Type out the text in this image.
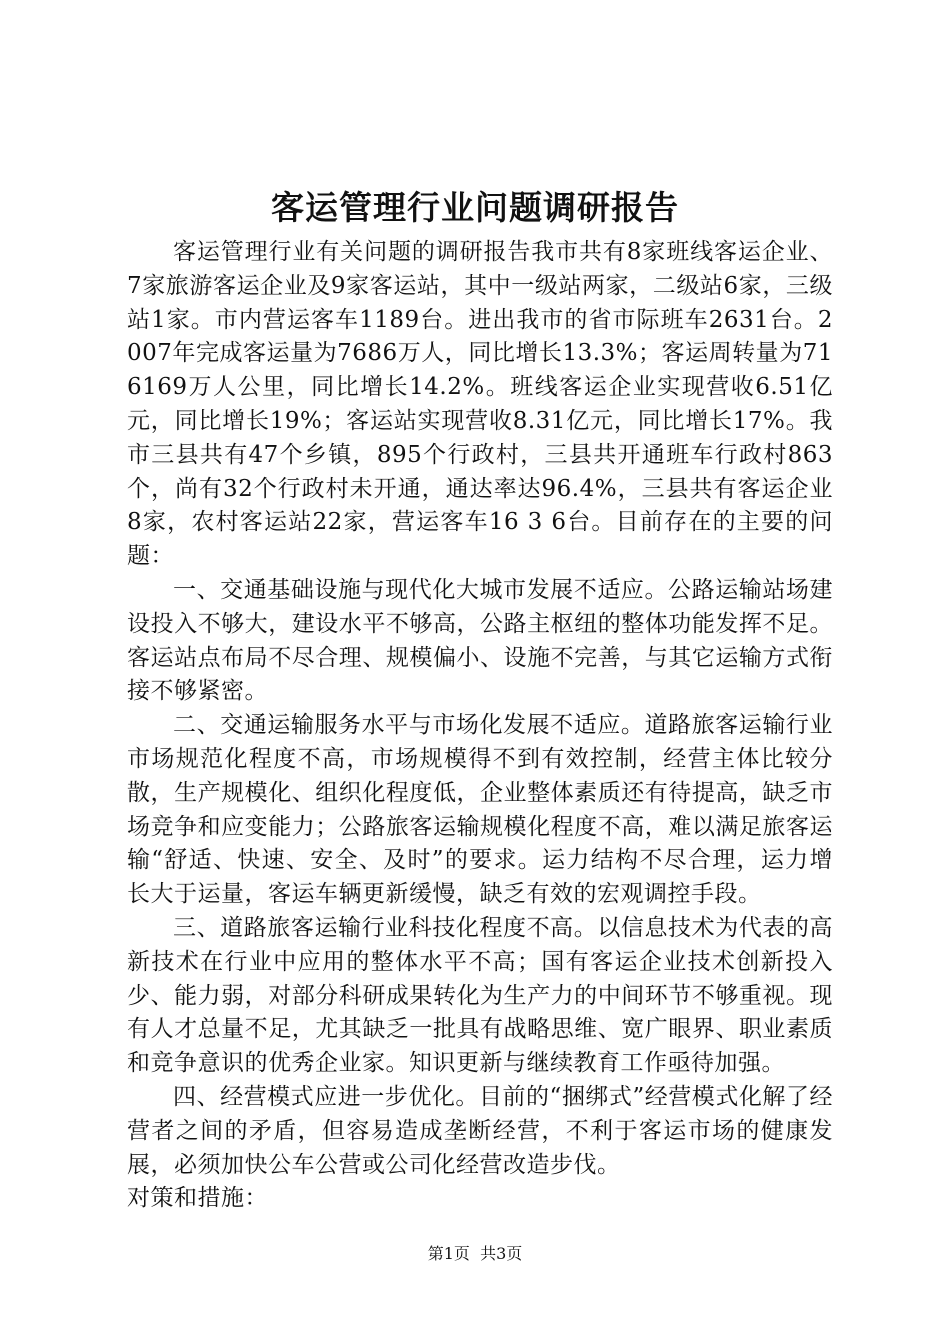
客运管理行业问题调研报告

客运管理行业有关问题的调研报告我市共有8家班线客运企业、7家旅游客运企业及9家客运站，其中一级站两家，二级站6家，三级站1家。市内营运客车1189台。进出我市的省市际班车2631台。2007年完成客运量为7686万人，同比增长13.3%；客运周转量为716169万人公里，同比增长14.2%。班线客运企业实现营收6.51亿元，同比增长19%；客运站实现营收8.31亿元，同比增长17%。我市三县共有47个乡镇，895个行政村，三县共开通班车行政村863个，尚有32个行政村未开通，通达率达96.4%，三县共有客运企业8家，农村客运站22家，营运客车16 3 6台。目前存在的主要的问题：

一、交通基础设施与现代化大城市发展不适应。公路运输站场建设投入不够大，建设水平不够高，公路主枢纽的整体功能发挥不足。客运站点布局不尽合理、规模偏小、设施不完善，与其它运输方式衔接不够紧密。

二、交通运输服务水平与市场化发展不适应。道路旅客运输行业市场规范化程度不高，市场规模得不到有效控制，经营主体比较分散，生产规模化、组织化程度低，企业整体素质还有待提高，缺乏市场竞争和应变能力；公路旅客运输规模化程度不高，难以满足旅客运输“舒适、快速、安全、及时”的要求。运力结构不尽合理，运力增长大于运量，客运车辆更新缓慢，缺乏有效的宏观调控手段。

三、道路旅客运输行业科技化程度不高。以信息技术为代表的高新技术在行业中应用的整体水平不高；国有客运企业技术创新投入少、能力弱，对部分科研成果转化为生产力的中间环节不够重视。现有人才总量不足，尤其缺乏一批具有战略思维、宽广眼界、职业素质和竞争意识的优秀企业家。知识更新与继续教育工作亟待加强。

四、经营模式应进一步优化。目前的“捆绑式”经营模式化解了经营者之间的矛盾，但容易造成垄断经营，不利于客运市场的健康发展，必须加快公车公营或公司化经营改造步伐。

对策和措施：

第1页  共3页
